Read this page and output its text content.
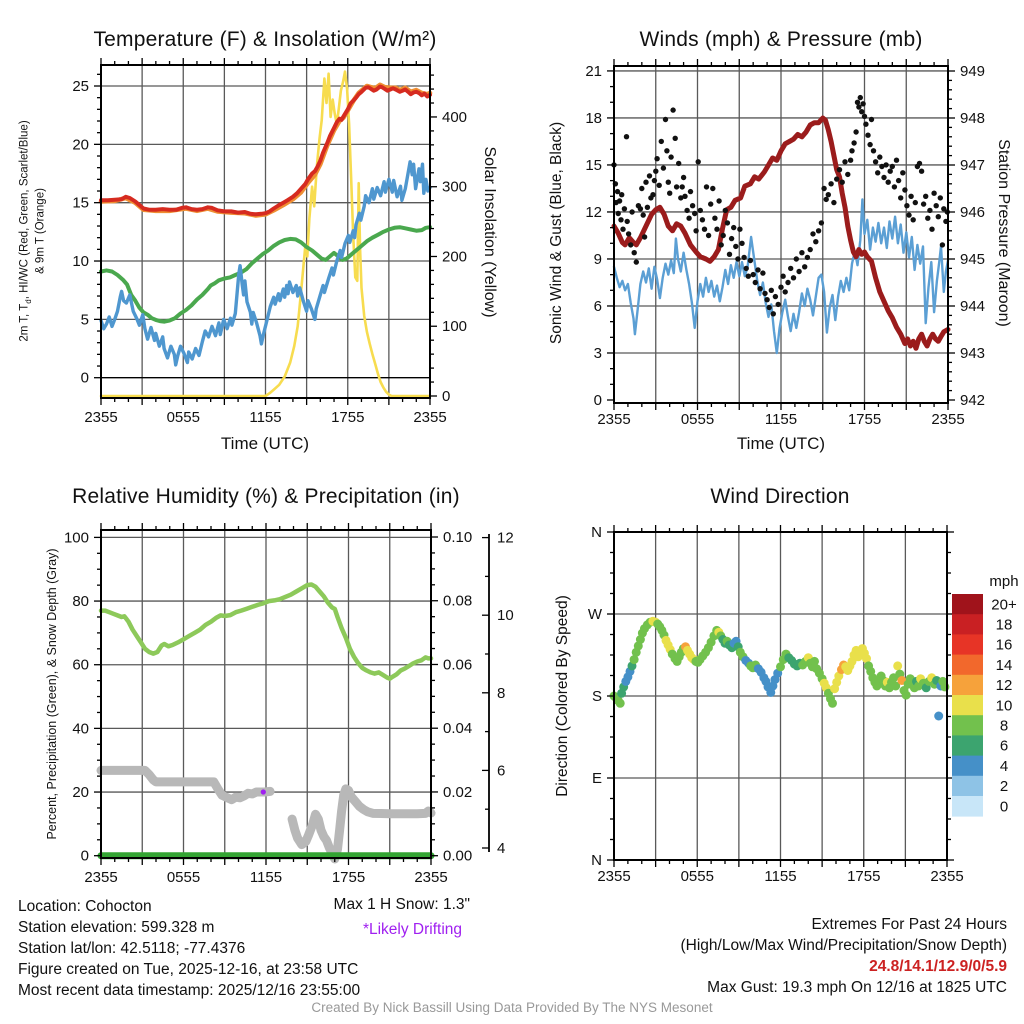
0
5
10
15
20
25
0
100
200
300
400
2355	0555	1155	1755	2355
0
3
6
9
12
15
18
21
942
943
944
945
946
947
948
949
2355	0555	1155	1755	2355
0
20
40
60
80
100
0.00
0.02
0.04
0.06
0.08
0.10
4
6
8
10
12
2355	0555	1155	1755	2355
N
W
S
E
N
2355	0555	1155	1755	2355
mph
20+
18
16
14
12
10
8
6
4
2
0
Temperature (F) & Insolation (W/m²)	Winds (mph) & Pressure (mb)
Relative Humidity (%) & Precipitation (in)	Wind Direction
2m T, $T_d$, HI/WC (Red, Green, Scarlet/Blue) & 9m T (Orange)	Solar Insolation (Yellow)
Time (UTC)
Sonic Wind & Gust (Blue, Black)	Station Pressure (Maroon)
Time (UTC)
Percent, Precipitation (Green), & Snow Depth (Gray)	Direction (Colored By Speed)
Location: Cohocton
Station elevation: 599.328 m
Station lat/lon: 42.5118; -77.4376
Figure created on Tue, 2025-12-16, at 23:58 UTC
Most recent data timestamp: 2025/12/16 23:55:00
Max 1 H Snow: 1.3"
*Likely Drifting	Extremes For Past 24 Hours
(High/Low/Max Wind/Precipitation/Snow Depth)
24.8/14.1/12.9/0/5.9
Max Gust: 19.3 mph On 12/16 at 1825 UTC
Created By Nick Bassill Using Data Provided By The NYS Mesonet
